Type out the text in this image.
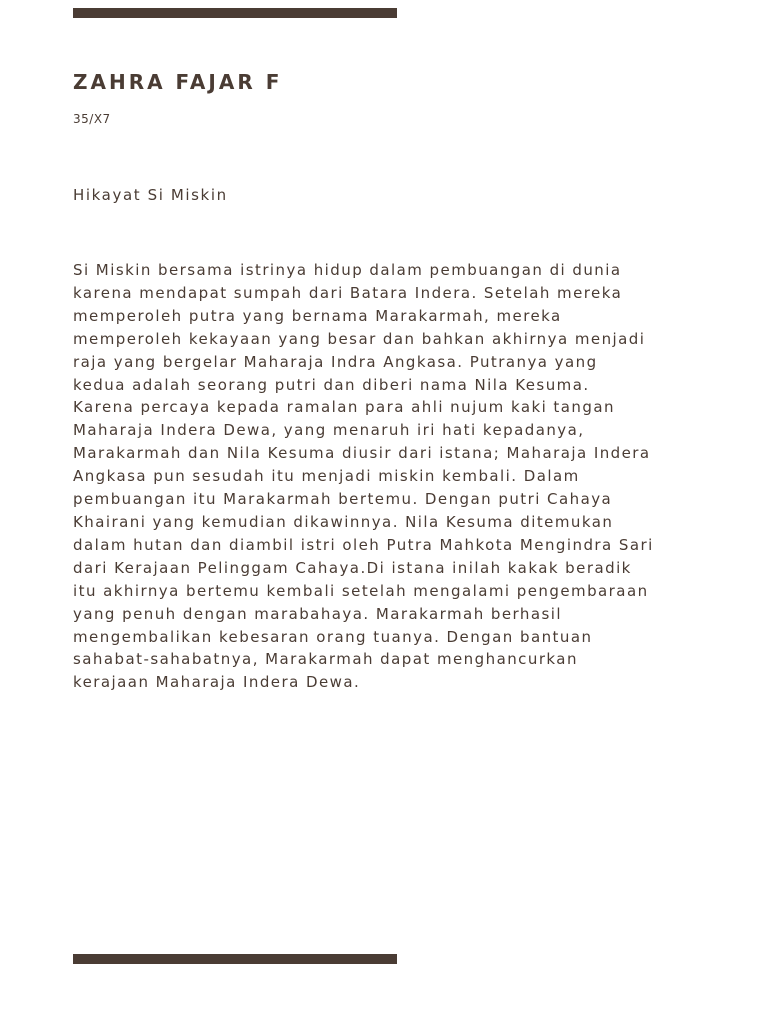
ZAHRA FAJAR F
35/X7
Hikayat Si Miskin
Si Miskin bersama istrinya hidup dalam pembuangan di dunia
karena mendapat sumpah dari Batara Indera. Setelah mereka
memperoleh putra yang bernama Marakarmah, mereka
memperoleh kekayaan yang besar dan bahkan akhirnya menjadi
raja yang bergelar Maharaja Indra Angkasa. Putranya yang
kedua adalah seorang putri dan diberi nama Nila Kesuma.
Karena percaya kepada ramalan para ahli nujum kaki tangan
Maharaja Indera Dewa, yang menaruh iri hati kepadanya,
Marakarmah dan Nila Kesuma diusir dari istana; Maharaja Indera
Angkasa pun sesudah itu menjadi miskin kembali. Dalam
pembuangan itu Marakarmah bertemu. Dengan putri Cahaya
Khairani yang kemudian dikawinnya. Nila Kesuma ditemukan
dalam hutan dan diambil istri oleh Putra Mahkota Mengindra Sari
dari Kerajaan Pelinggam Cahaya.Di istana inilah kakak beradik
itu akhirnya bertemu kembali setelah mengalami pengembaraan
yang penuh dengan marabahaya. Marakarmah berhasil
mengembalikan kebesaran orang tuanya. Dengan bantuan
sahabat-sahabatnya, Marakarmah dapat menghancurkan
kerajaan Maharaja Indera Dewa.
